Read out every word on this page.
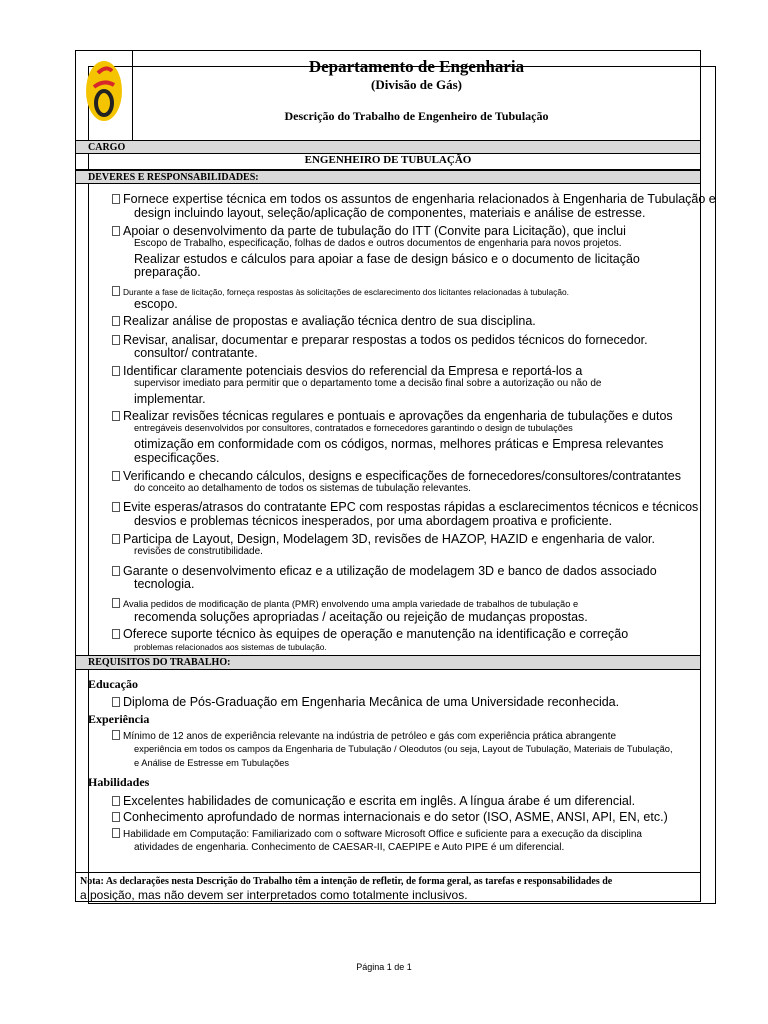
Departamento de Engenharia
(Divisão de Gás)
Descrição do Trabalho de Engenheiro de Tubulação
CARGO
ENGENHEIRO DE TUBULAÇÃO
DEVERES E RESPONSABILIDADES:
Fornece expertise técnica em todos os assuntos de engenharia relacionados à Engenharia de Tubulação e
design incluindo layout, seleção/aplicação de componentes, materiais e análise de estresse.
Apoiar o desenvolvimento da parte de tubulação do ITT (Convite para Licitação), que inclui
Escopo de Trabalho, especificação, folhas de dados e outros documentos de engenharia para novos projetos.
Realizar estudos e cálculos para apoiar a fase de design básico e o documento de licitação
preparação.
Durante a fase de licitação, forneça respostas às solicitações de esclarecimento dos licitantes relacionadas à tubulação.
escopo.
Realizar análise de propostas e avaliação técnica dentro de sua disciplina.
Revisar, analisar, documentar e preparar respostas a todos os pedidos técnicos do fornecedor.
consultor/ contratante.
Identificar claramente potenciais desvios do referencial da Empresa e reportá-los a
supervisor imediato para permitir que o departamento tome a decisão final sobre a autorização ou não de
implementar.
Realizar revisões técnicas regulares e pontuais e aprovações da engenharia de tubulações e dutos
entregáveis desenvolvidos por consultores, contratados e fornecedores garantindo o design de tubulações
otimização em conformidade com os códigos, normas, melhores práticas e Empresa relevantes
especificações.
Verificando e checando cálculos, designs e especificações de fornecedores/consultores/contratantes
do conceito ao detalhamento de todos os sistemas de tubulação relevantes.
Evite esperas/atrasos do contratante EPC com respostas rápidas a esclarecimentos técnicos e técnicos
desvios e problemas técnicos inesperados, por uma abordagem proativa e proficiente.
Participa de Layout, Design, Modelagem 3D, revisões de HAZOP, HAZID e engenharia de valor.
revisões de construtibilidade.
Garante o desenvolvimento eficaz e a utilização de modelagem 3D e banco de dados associado
tecnologia.
Avalia pedidos de modificação de planta (PMR) envolvendo uma ampla variedade de trabalhos de tubulação e
recomenda soluções apropriadas / aceitação ou rejeição de mudanças propostas.
Oferece suporte técnico às equipes de operação e manutenção na identificação e correção
problemas relacionados aos sistemas de tubulação.
REQUISITOS DO TRABALHO:
Educação
Diploma de Pós-Graduação em Engenharia Mecânica de uma Universidade reconhecida.
Experiência
Mínimo de 12 anos de experiência relevante na indústria de petróleo e gás com experiência prática abrangente
experiência em todos os campos da Engenharia de Tubulação / Oleodutos (ou seja, Layout de Tubulação, Materiais de Tubulação,
e Análise de Estresse em Tubulações
Habilidades
Excelentes habilidades de comunicação e escrita em inglês. A língua árabe é um diferencial.
Conhecimento aprofundado de normas internacionais e do setor (ISO, ASME, ANSI, API, EN, etc.)
Habilidade em Computação: Familiarizado com o software Microsoft Office e suficiente para a execução da disciplina
atividades de engenharia. Conhecimento de CAESAR-II, CAEPIPE e Auto PIPE é um diferencial.
Nota: As declarações nesta Descrição do Trabalho têm a intenção de refletir, de forma geral, as tarefas e responsabilidades de
a posição, mas não devem ser interpretados como totalmente inclusivos.
Página 1 de 1
